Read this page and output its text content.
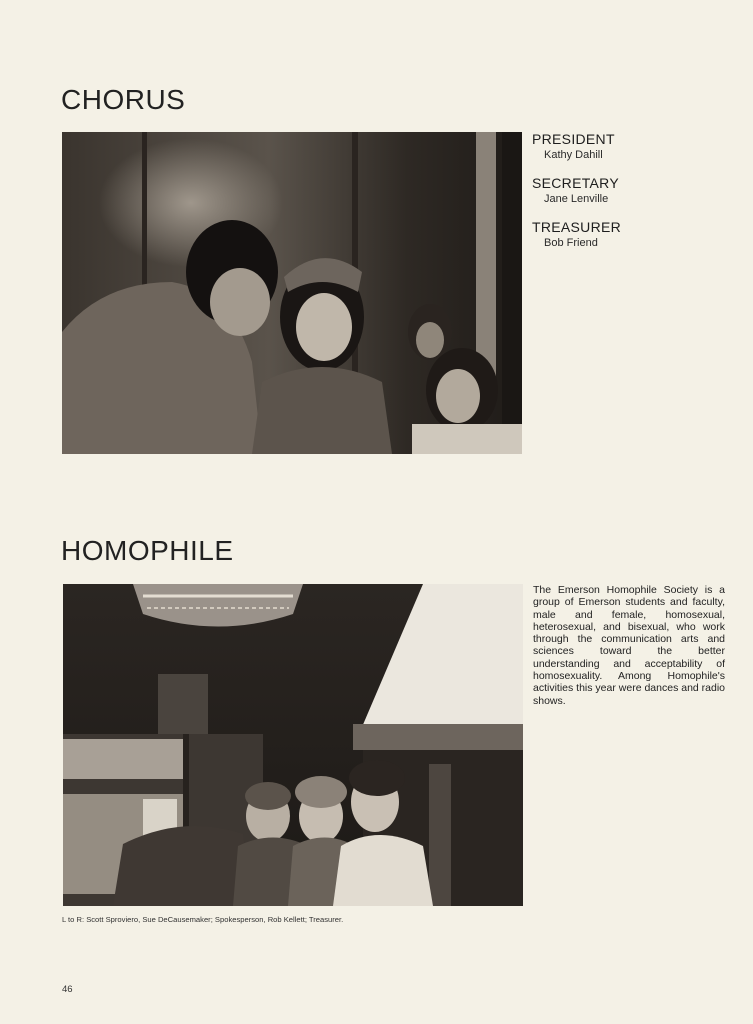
CHORUS
PRESIDENT
Kathy Dahill
SECRETARY
Jane Lenville
TREASURER
Bob Friend
HOMOPHILE
The Emerson Homophile Society is a group of Emerson students and faculty, male and female, homosexual, heterosexual, and bisexual, who work through the communication arts and sciences toward the better understanding and acceptability of homosexuality. Among Homophile's activities this year were dances and radio shows.
L to R: Scott Sproviero, Sue DeCausemaker; Spokesperson, Rob Kellett; Treasurer.
46
